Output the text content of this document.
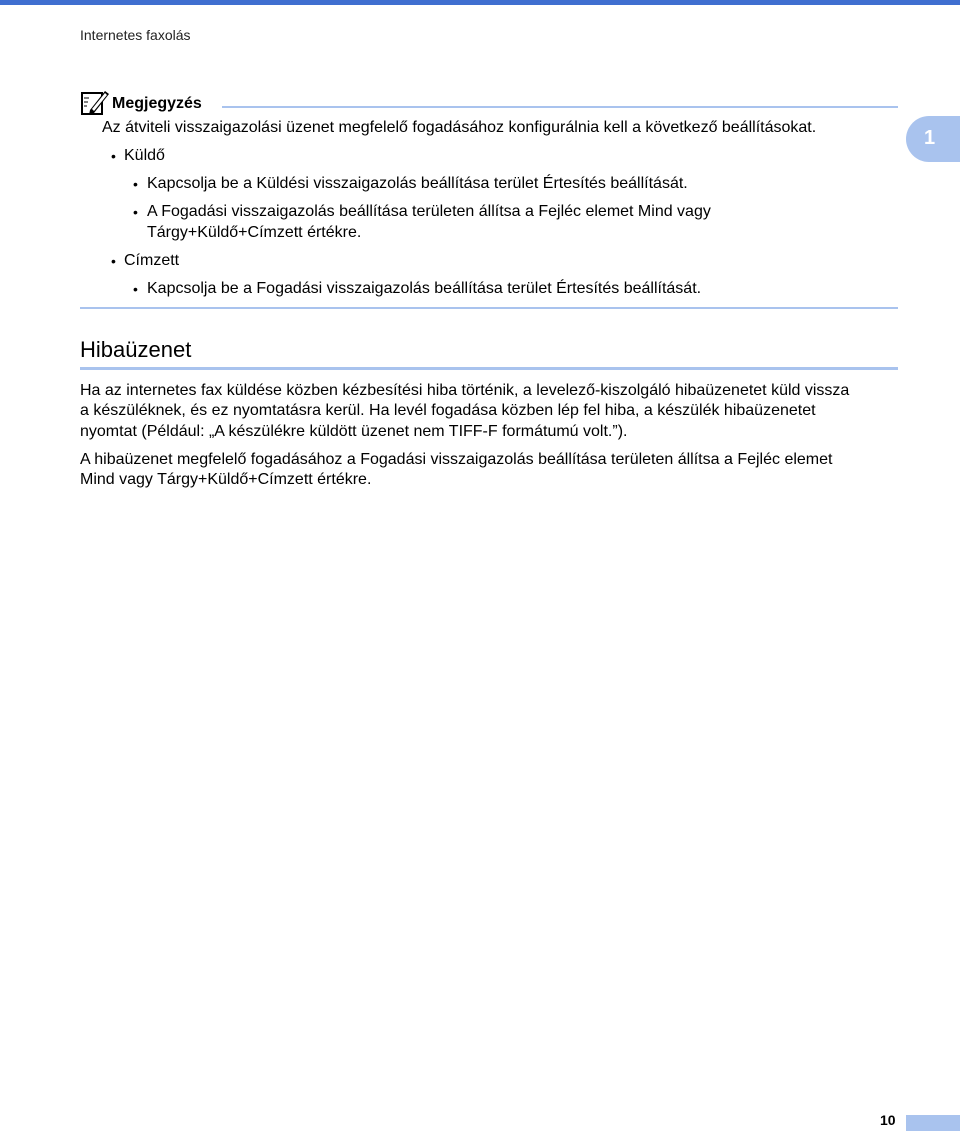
Internetes faxolás
1
Megjegyzés
Az átviteli visszaigazolási üzenet megfelelő fogadásához konfigurálnia kell a következő beállításokat.
• Küldő
• Kapcsolja be a Küldési visszaigazolás beállítása terület Értesítés beállítását.
• A Fogadási visszaigazolás beállítása területen állítsa a Fejléc elemet Mind vagy
Tárgy+Küldő+Címzett értékre.
• Címzett
• Kapcsolja be a Fogadási visszaigazolás beállítása terület Értesítés beállítását.
Hibaüzenet
Ha az internetes fax küldése közben kézbesítési hiba történik, a levelező-kiszolgáló hibaüzenetet küld vissza
a készüléknek, és ez nyomtatásra kerül. Ha levél fogadása közben lép fel hiba, a készülék hibaüzenetet
nyomtat (Például: „A készülékre küldött üzenet nem TIFF-F formátumú volt.”).
A hibaüzenet megfelelő fogadásához a Fogadási visszaigazolás beállítása területen állítsa a Fejléc elemet
Mind vagy Tárgy+Küldő+Címzett értékre.
10
